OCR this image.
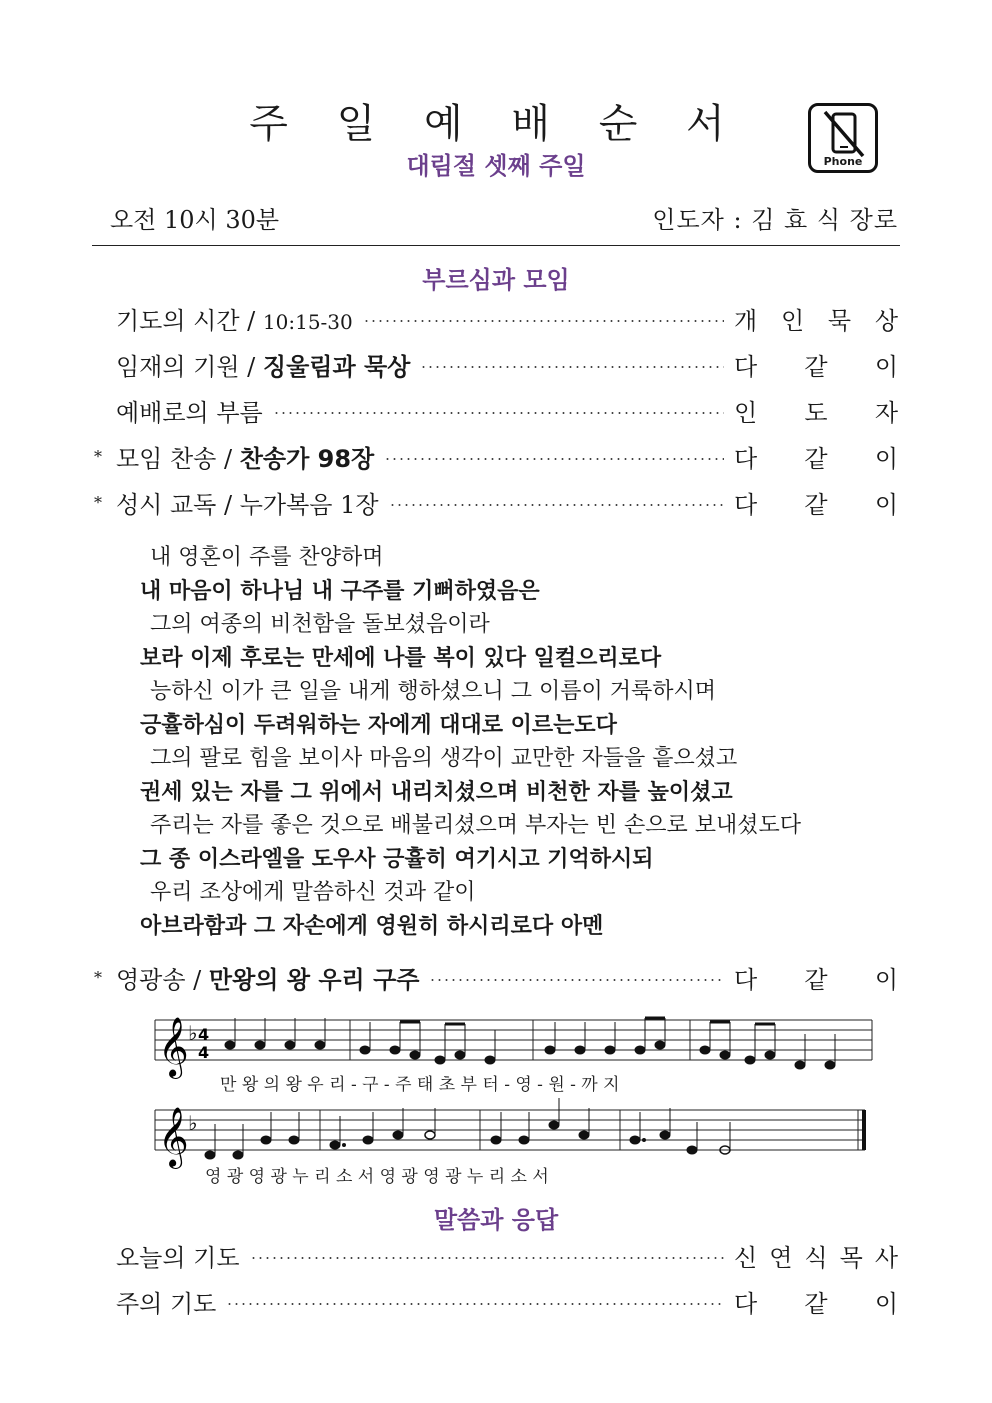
주 일 예 배 순 서
대림절 셋째 주일	Phone
오전 10시 30분	인도자 : 김 효 식 장로
부르심과 모임
기도의 시간 / 10:15-30	개 인 묵 상
임재의 기원 / 징울림과 묵상	다 같 이
예배로의 부름	인 도 자
* 모임 찬송 / 찬송가 98장	다 같 이
* 성시 교독 / 누가복음 1장	다 같 이
내 영혼이 주를 찬양하며
내 마음이 하나님 내 구주를 기뻐하였음은
그의 여종의 비천함을 돌보셨음이라
보라 이제 후로는 만세에 나를 복이 있다 일컬으리로다
능하신 이가 큰 일을 내게 행하셨으니 그 이름이 거룩하시며
긍휼하심이 두려워하는 자에게 대대로 이르는도다
그의 팔로 힘을 보이사 마음의 생각이 교만한 자들을 흩으셨고
권세 있는 자를 그 위에서 내리치셨으며 비천한 자를 높이셨고
주리는 자를 좋은 것으로 배불리셨으며 부자는 빈 손으로 보내셨도다
그 종 이스라엘을 도우사 긍휼히 여기시고 기억하시되
우리 조상에게 말씀하신 것과 같이
아브라함과 그 자손에게 영원히 하시리로다 아멘
* 영광송 / 만왕의 왕 우리 구주	다 같 이
𝄞 ♭ 4
4
만 왕 의 왕 우 리 - 구 - 주 태 초 부 터 - 영 - 원 - 까 지
𝄞 ♭
영 광 영 광 누 리 소 서 영 광 영 광 누 리 소 서
말씀과 응답
오늘의 기도	신 연 식 목 사
주의 기도	다 같 이
